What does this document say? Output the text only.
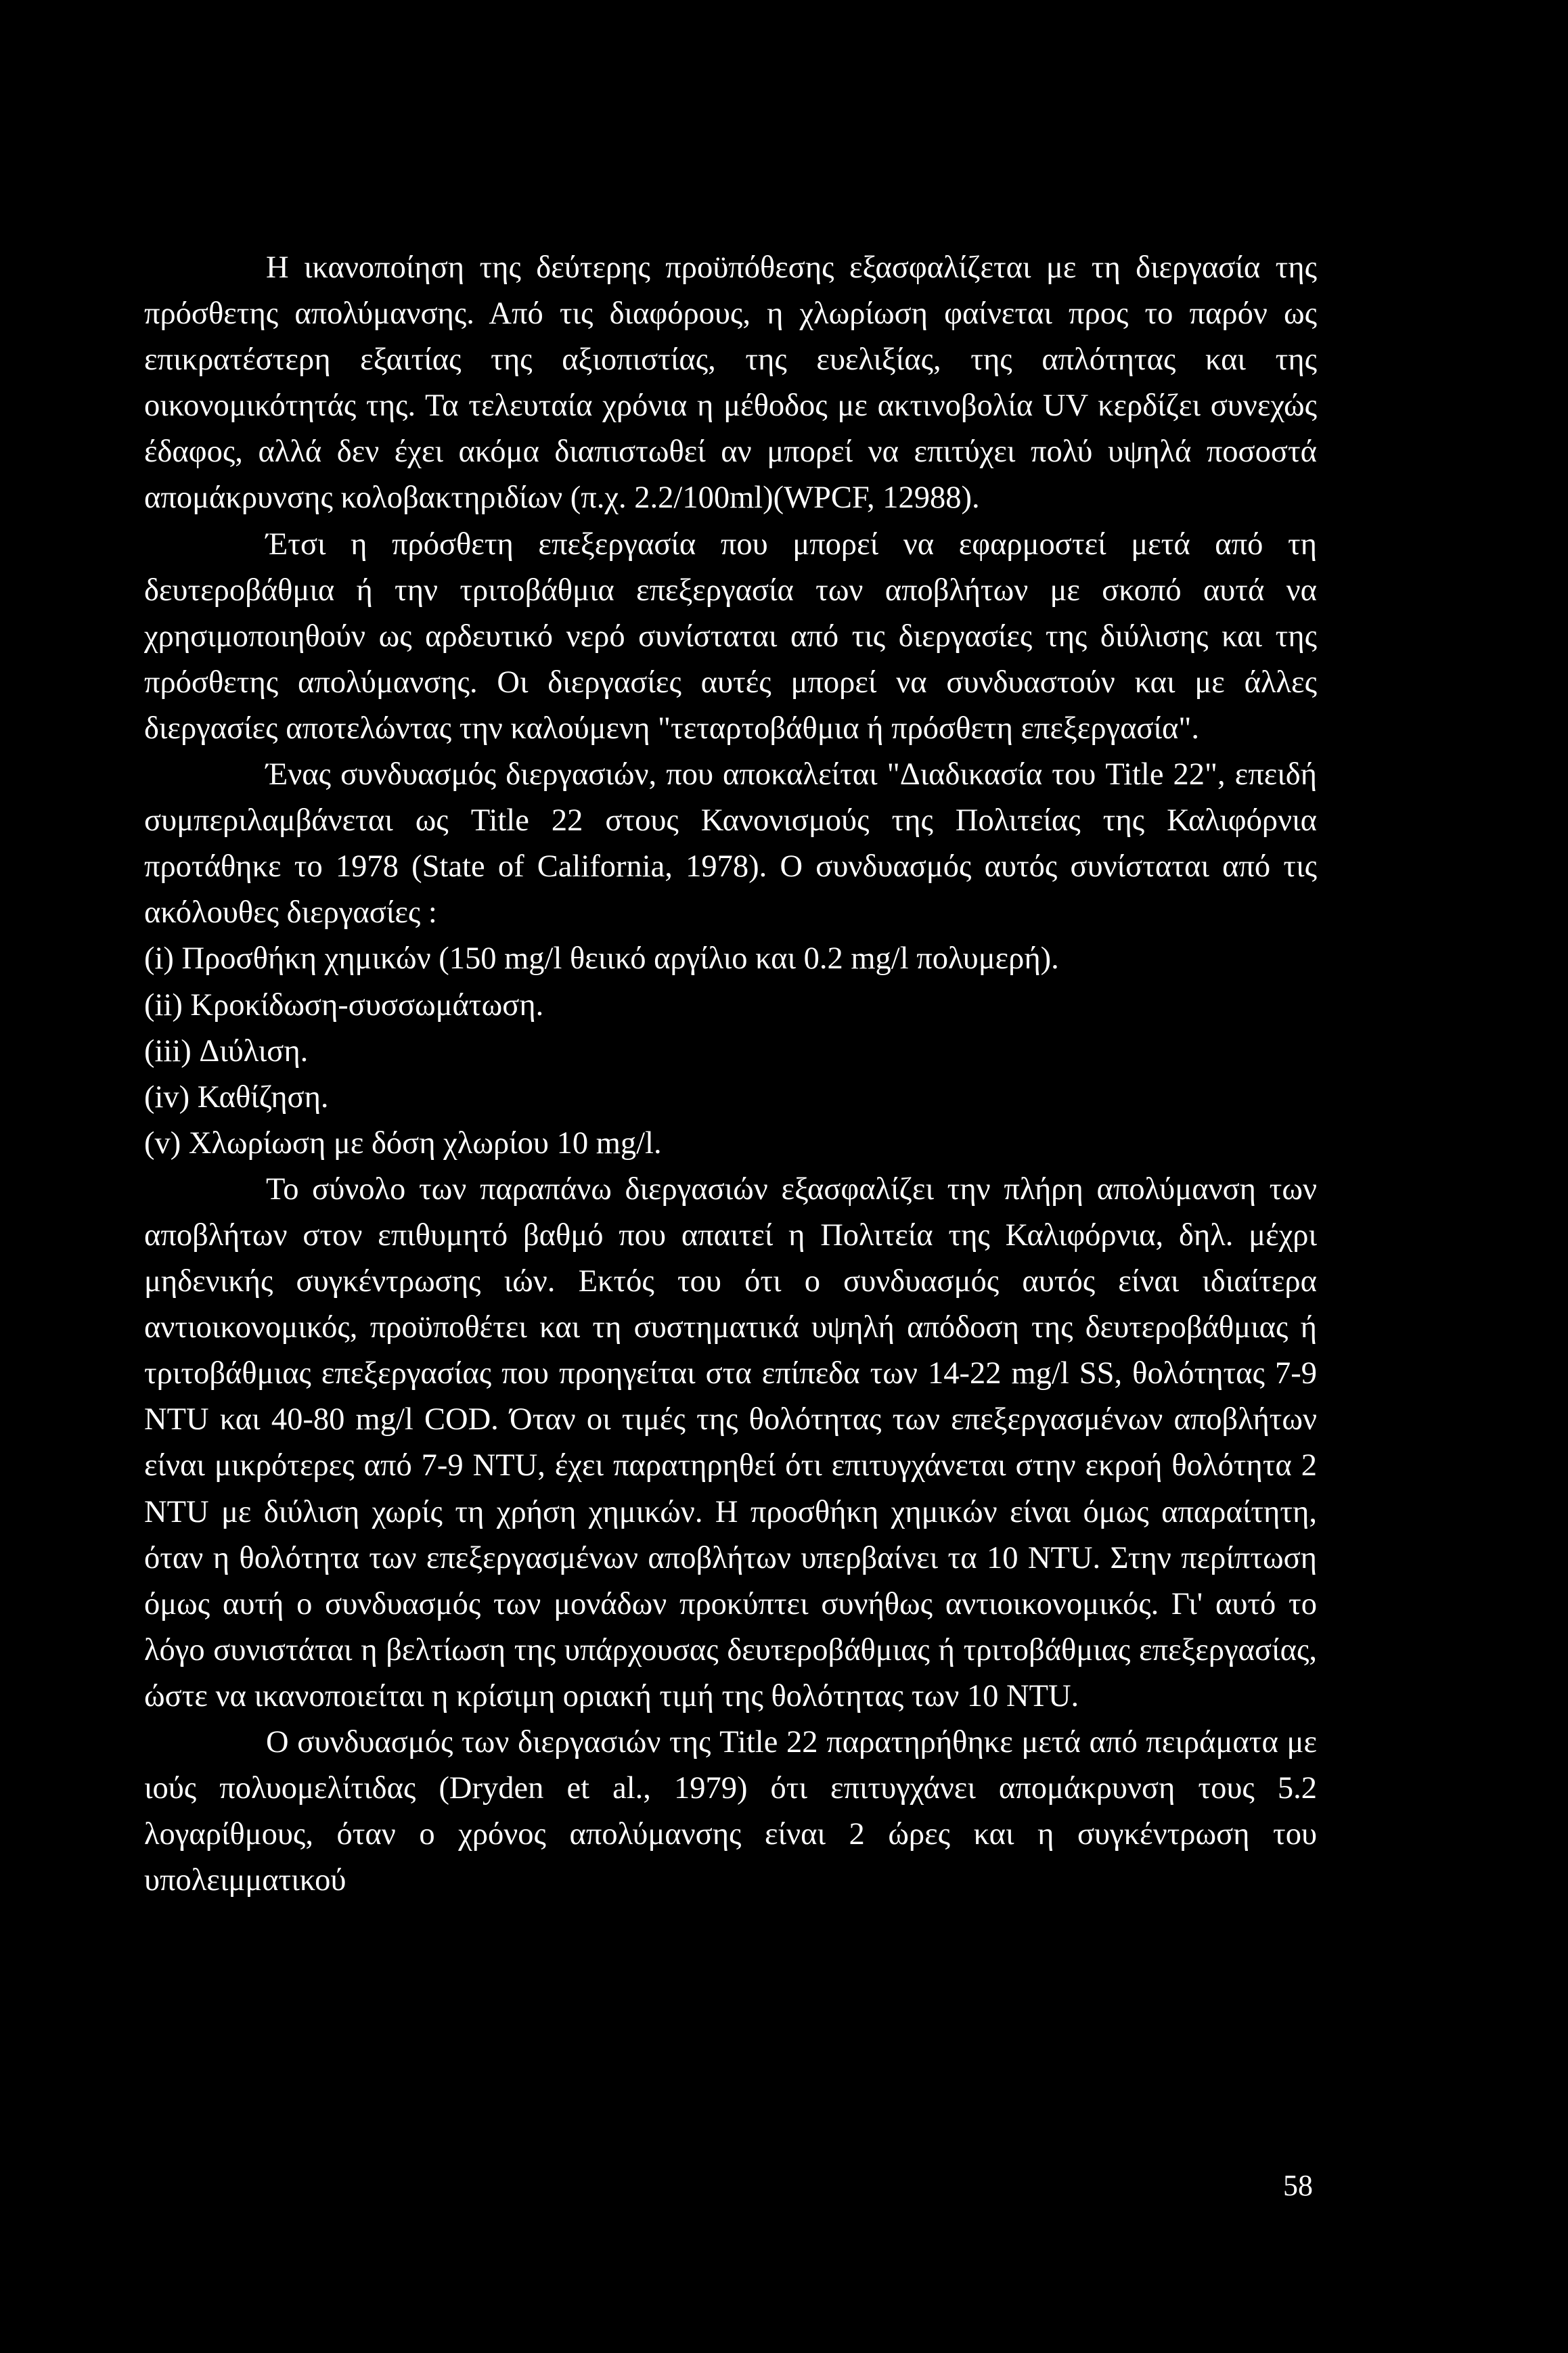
Η ικανοποίηση της δεύτερης προϋπόθεσης εξασφαλίζεται με τη διεργασία της πρόσθετης απολύμανσης. Από τις διαφόρους, η χλωρίωση φαίνεται προς το παρόν ως επικρατέστερη εξαιτίας της αξιοπιστίας, της ευελιξίας, της απλότητας και της οικονομικότητάς της. Τα τελευταία χρόνια η μέθοδος με ακτινοβολία UV κερδίζει συνεχώς έδαφος, αλλά δεν έχει ακόμα διαπιστωθεί αν μπορεί να επιτύχει πολύ υψηλά ποσοστά απομάκρυνσης κολοβακτηριδίων (π.χ. 2.2/100ml)(WPCF, 12988).

Έτσι η πρόσθετη επεξεργασία που μπορεί να εφαρμοστεί μετά από τη δευτεροβάθμια ή την τριτοβάθμια επεξεργασία των αποβλήτων με σκοπό αυτά να χρησιμοποιηθούν ως αρδευτικό νερό συνίσταται από τις διεργασίες της διύλισης και της πρόσθετης απολύμανσης. Οι διεργασίες αυτές μπορεί να συνδυαστούν και με άλλες διεργασίες αποτελώντας την καλούμενη "τεταρτοβάθμια ή πρόσθετη επεξεργασία".

Ένας συνδυασμός διεργασιών, που αποκαλείται "Διαδικασία του Title 22", επειδή συμπεριλαμβάνεται ως Title 22 στους Κανονισμούς της Πολιτείας της Καλιφόρνια προτάθηκε το 1978 (State of California, 1978). Ο συνδυασμός αυτός συνίσταται από τις ακόλουθες διεργασίες :

(i) Προσθήκη χημικών (150 mg/l θειικό αργίλιο και 0.2 mg/l πολυμερή).

(ii) Κροκίδωση-συσσωμάτωση.

(iii) Διύλιση.

(iv) Καθίζηση.

(v) Χλωρίωση με δόση χλωρίου 10 mg/l.

Το σύνολο των παραπάνω διεργασιών εξασφαλίζει την πλήρη απολύμανση των αποβλήτων στον επιθυμητό βαθμό που απαιτεί η Πολιτεία της Καλιφόρνια, δηλ. μέχρι μηδενικής συγκέντρωσης ιών. Εκτός του ότι ο συνδυασμός αυτός είναι ιδιαίτερα αντιοικονομικός, προϋποθέτει και τη συστηματικά υψηλή απόδοση της δευτεροβάθμιας ή τριτοβάθμιας επεξεργασίας που προηγείται στα επίπεδα των 14-22 mg/l SS, θολότητας 7-9 NTU και 40-80 mg/l COD. Όταν οι τιμές της θολότητας των επεξεργασμένων αποβλήτων είναι μικρότερες από 7-9 NTU, έχει παρατηρηθεί ότι επιτυγχάνεται στην εκροή θολότητα 2 NTU με διύλιση χωρίς τη χρήση χημικών. Η προσθήκη χημικών είναι όμως απαραίτητη, όταν η θολότητα των επεξεργασμένων αποβλήτων υπερβαίνει τα 10 NTU. Στην περίπτωση όμως αυτή ο συνδυασμός των μονάδων προκύπτει συνήθως αντιοικονομικός. Γι' αυτό το λόγο συνιστάται η βελτίωση της υπάρχουσας δευτεροβάθμιας ή τριτοβάθμιας επεξεργασίας, ώστε να ικανοποιείται η κρίσιμη οριακή τιμή της θολότητας των 10 NTU.

Ο συνδυασμός των διεργασιών της Title 22 παρατηρήθηκε μετά από πειράματα με ιούς πολυομελίτιδας (Dryden et al., 1979) ότι επιτυγχάνει απομάκρυνση τους 5.2 λογαρίθμους, όταν ο χρόνος απολύμανσης είναι 2 ώρες και η συγκέντρωση του υπολειμματικού

58
